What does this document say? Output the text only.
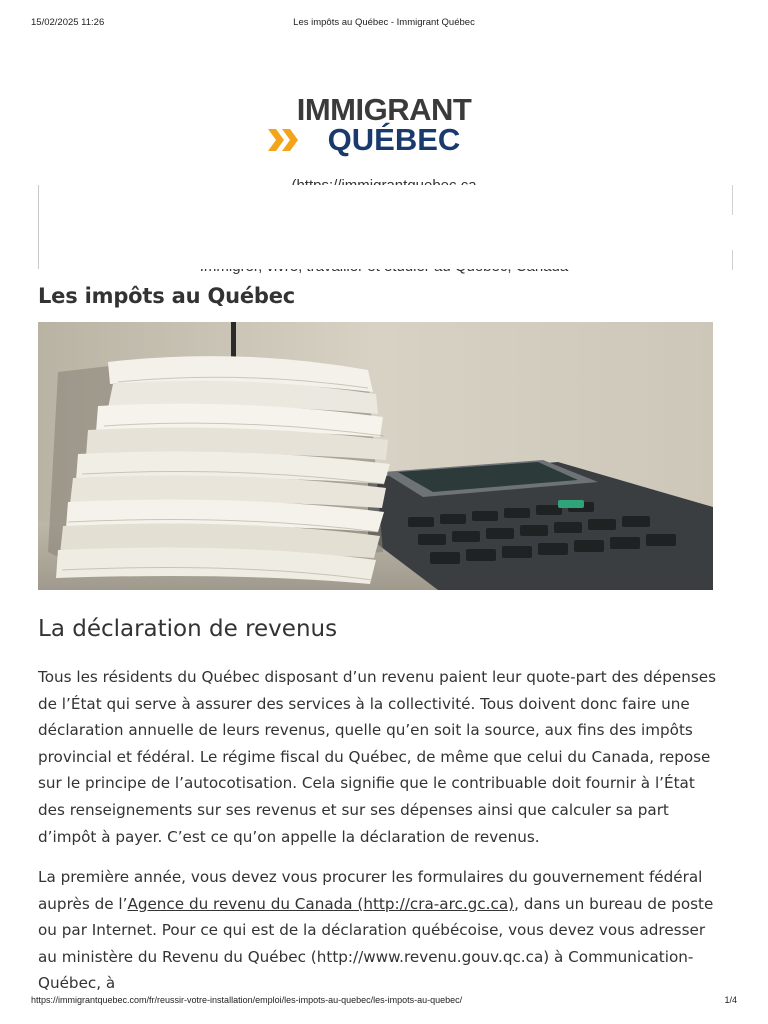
15/02/2025 11:26	Les impôts au Québec - Immigrant Québec
IMMIGRANT
QUÉBEC
Les impôts au Québec
La déclaration de revenus

Tous les résidents du Québec disposant d’un revenu paient leur quote-part des dépenses de l’État qui serve à assurer des services à la collectivité. Tous doivent donc faire une déclaration annuelle de leurs revenus, quelle qu’en soit la source, aux fins des impôts provincial et fédéral. Le régime fiscal du Québec, de même que celui du Canada, repose sur le principe de l’autocotisation. Cela signifie que le contribuable doit fournir à l’État des renseignements sur ses revenus et sur ses dépenses ainsi que calculer sa part d’impôt à payer. C’est ce qu’on appelle la déclaration de revenus.

La première année, vous devez vous procurer les formulaires du gouvernement fédéral auprès de l’Agence du revenu du Canada (http://cra-arc.gc.ca), dans un bureau de poste ou par Internet. Pour ce qui est de la déclaration québécoise, vous devez vous adresser au ministère du Revenu du Québec (http://www.revenu.gouv.qc.ca) à Communication-Québec, à

https://immigrantquebec.com/fr/reussir-votre-installation/emploi/les-impots-au-quebec/les-impots-au-quebec/	1/4
